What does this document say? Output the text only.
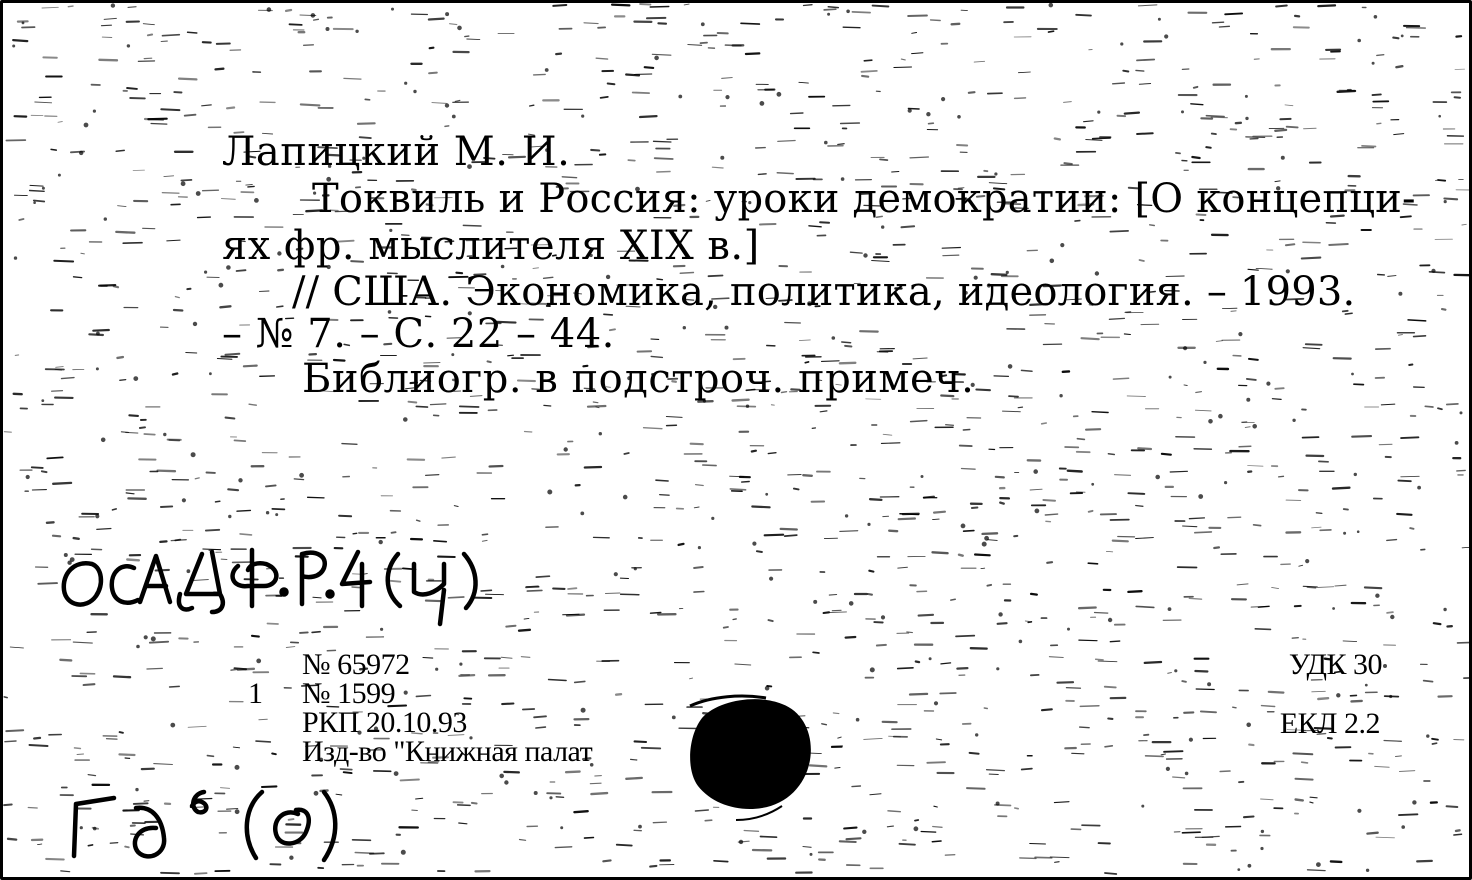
Лапицкий М. И.

Токвиль и Россия: уроки демократии: [О концепци-

ях фр. мыслителя XIX в.]

// США. Экономика, политика, идеология. – 1993.

– № 7. – С. 22 – 44.

Библиогр. в подстроч. примеч.

№ 65972

1 № 1599

РКП 20.10.93

Изд-во "Книжная палат

УДК 30

ЕКЛ 2.2
